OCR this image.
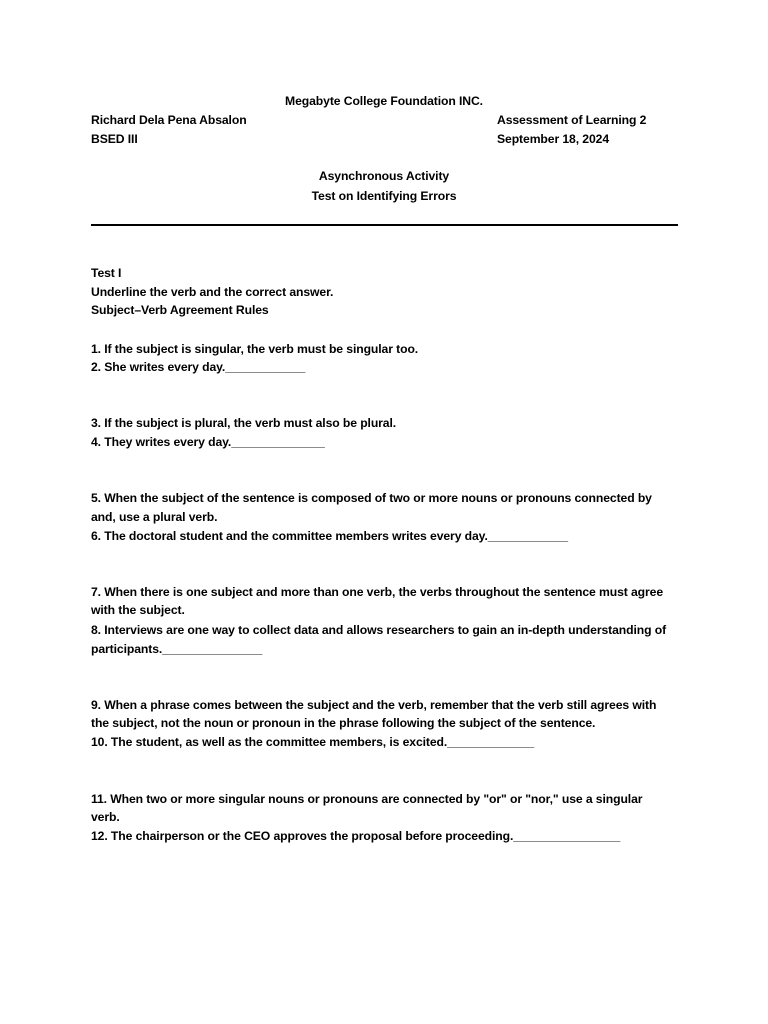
Megabyte College Foundation INC.
Richard Dela Pena Absalon	Assessment of Learning 2
BSED III	September 18, 2024
Asynchronous Activity
Test on Identifying Errors
Test I
Underline the verb and the correct answer.
Subject–Verb Agreement Rules
1. If the subject is singular, the verb must be singular too.
2. She writes every day.____________
3. If the subject is plural, the verb must also be plural.
4. They writes every day.______________
5. When the subject of the sentence is composed of two or more nouns or pronouns connected by
and, use a plural verb.
6. The doctoral student and the committee members writes every day.____________
7. When there is one subject and more than one verb, the verbs throughout the sentence must agree
with the subject.
8. Interviews are one way to collect data and allows researchers to gain an in-depth understanding of
participants._______________
9. When a phrase comes between the subject and the verb, remember that the verb still agrees with
the subject, not the noun or pronoun in the phrase following the subject of the sentence.
10. The student, as well as the committee members, is excited._____________
11. When two or more singular nouns or pronouns are connected by "or" or "nor," use a singular
verb.
12. The chairperson or the CEO approves the proposal before proceeding.________________
